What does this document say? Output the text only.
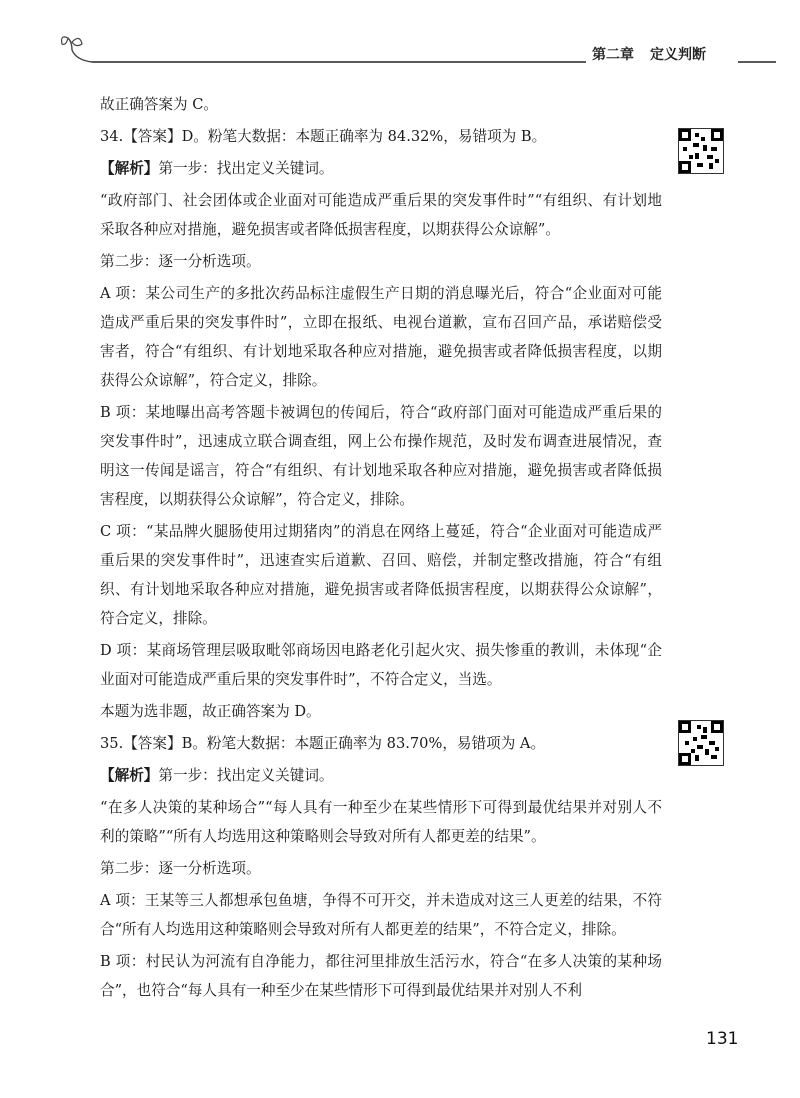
第二章 定义判断

故正确答案为 C。

34.【答案】D。粉笔大数据：本题正确率为 84.32%，易错项为 B。

【解析】第一步：找出定义关键词。

“政府部门、社会团体或企业面对可能造成严重后果的突发事件时”“有组织、有计划地采取各种应对措施，避免损害或者降低损害程度，以期获得公众谅解”。

第二步：逐一分析选项。

A 项：某公司生产的多批次药品标注虚假生产日期的消息曝光后，符合“企业面对可能造成严重后果的突发事件时”，立即在报纸、电视台道歉，宣布召回产品，承诺赔偿受害者，符合“有组织、有计划地采取各种应对措施，避免损害或者降低损害程度，以期获得公众谅解”，符合定义，排除。

B 项：某地曝出高考答题卡被调包的传闻后，符合“政府部门面对可能造成严重后果的突发事件时”，迅速成立联合调查组，网上公布操作规范，及时发布调查进展情况，查明这一传闻是谣言，符合“有组织、有计划地采取各种应对措施，避免损害或者降低损害程度，以期获得公众谅解”，符合定义，排除。

C 项：“某品牌火腿肠使用过期猪肉”的消息在网络上蔓延，符合“企业面对可能造成严重后果的突发事件时”，迅速查实后道歉、召回、赔偿，并制定整改措施，符合“有组织、有计划地采取各种应对措施，避免损害或者降低损害程度，以期获得公众谅解”，符合定义，排除。

D 项：某商场管理层吸取毗邻商场因电路老化引起火灾、损失惨重的教训，未体现“企业面对可能造成严重后果的突发事件时”，不符合定义，当选。

本题为选非题，故正确答案为 D。

35.【答案】B。粉笔大数据：本题正确率为 83.70%，易错项为 A。

【解析】第一步：找出定义关键词。

“在多人决策的某种场合”“每人具有一种至少在某些情形下可得到最优结果并对别人不利的策略”“所有人均选用这种策略则会导致对所有人都更差的结果”。

第二步：逐一分析选项。

A 项：王某等三人都想承包鱼塘，争得不可开交，并未造成对这三人更差的结果，不符合“所有人均选用这种策略则会导致对所有人都更差的结果”，不符合定义，排除。

B 项：村民认为河流有自净能力，都往河里排放生活污水，符合“在多人决策的某种场合”，也符合“每人具有一种至少在某些情形下可得到最优结果并对别人不利

131
